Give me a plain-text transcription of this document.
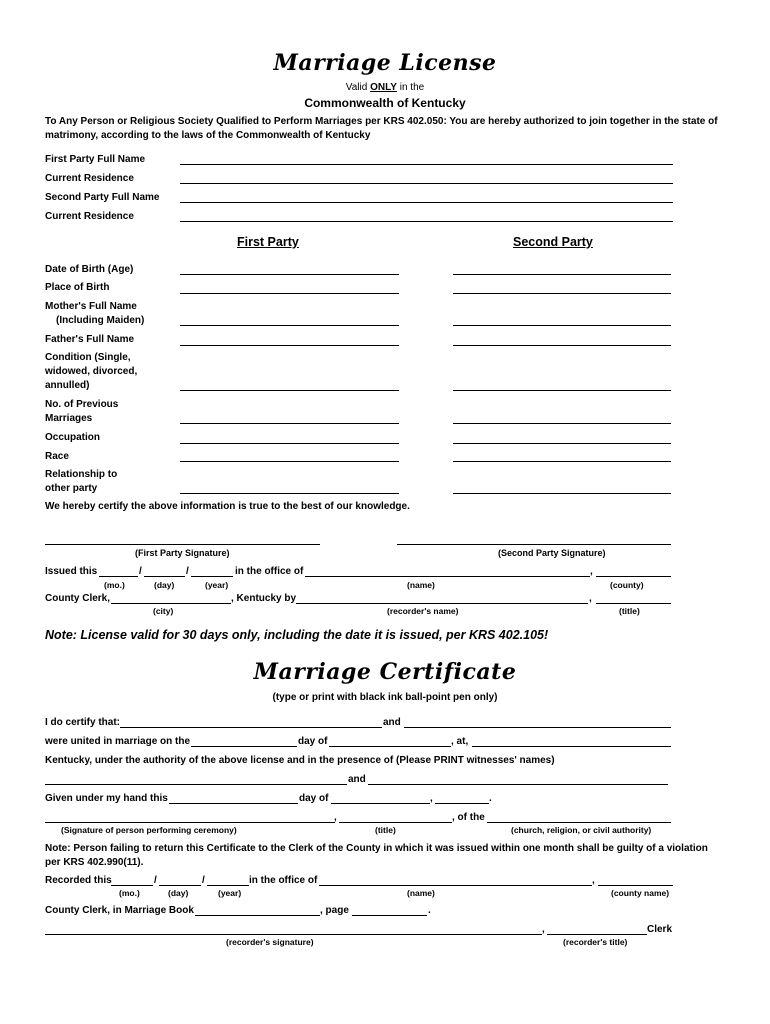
Marriage License
Valid ONLY in the
Commonwealth of Kentucky
To Any Person or Religious Society Qualified to Perform Marriages per KRS 402.050: You are hereby authorized to join together in the state of matrimony, according to the laws of the Commonwealth of Kentucky
First Party Full Name
Current Residence
Second Party Full Name
Current Residence
First Party	Second Party
Date of Birth (Age)
Place of Birth
Mother's Full Name
(Including Maiden)
Father's Full Name
Condition (Single,
widowed, divorced,
annulled)
No. of Previous
Marriages
Occupation
Race
Relationship to
other party
We hereby certify the above information is true to the best of our knowledge.
(First Party Signature)	(Second Party Signature)
Issued this	/	/	in the office of	,
(mo.)	(day)	(year)	(name)	(county)
County Clerk,	, Kentucky by	,
(city)	(recorder's name)	(title)
Note: License valid for 30 days only, including the date it is issued, per KRS 402.105!
Marriage Certificate
(type or print with black ink ball-point pen only)
I do certify that:	and
were united in marriage on the	day of	, at,
Kentucky, under the authority of the above license and in the presence of (Please PRINT witnesses' names)
and
Given under my hand this	day of	,	.
,	, of the
(Signature of person performing ceremony)	(title)	(church, religion, or civil authority)
Note: Person failing to return this Certificate to the Clerk of the County in which it was issued within one month shall be guilty of a violation per KRS 402.990(11).
Recorded this	/	/	in the office of	,
(mo.)	(day)	(year)	(name)	(county name)
County Clerk, in Marriage Book	, page	.
,	Clerk
(recorder's signature)	(recorder's title)
